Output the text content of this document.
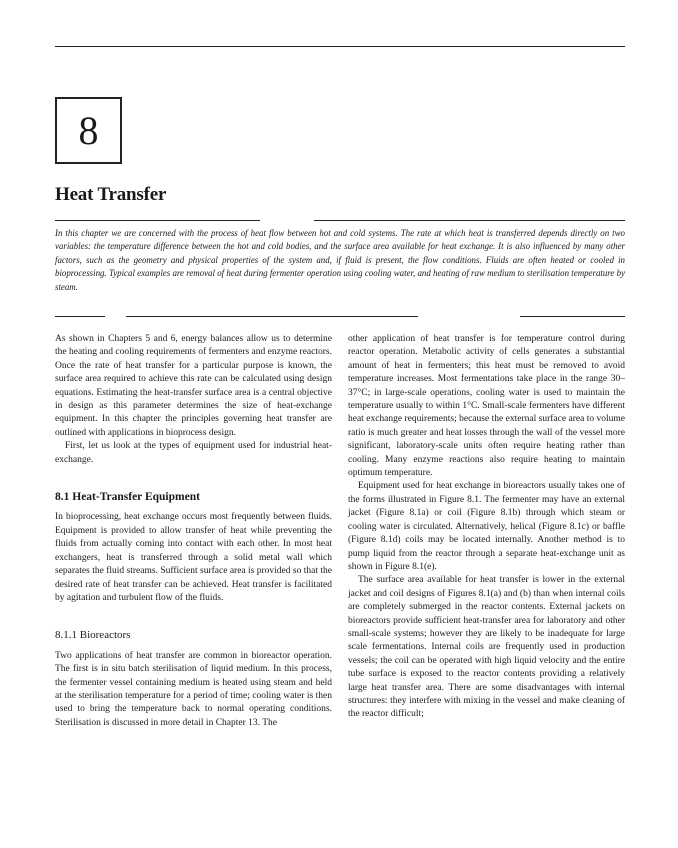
8
Heat Transfer

In this chapter we are concerned with the process of heat flow between hot and cold systems. The rate at which heat is transferred depends directly on two variables: the temperature difference between the hot and cold bodies, and the surface area available for heat exchange. It is also influenced by many other factors, such as the geometry and physical properties of the system and, if fluid is present, the flow conditions. Fluids are often heated or cooled in bioprocessing. Typical examples are removal of heat during fermenter operation using cooling water, and heating of raw medium to sterilisation temperature by steam.

As shown in Chapters 5 and 6, energy balances allow us to determine the heating and cooling requirements of fermenters and enzyme reactors. Once the rate of heat transfer for a particular purpose is known, the surface area required to achieve this rate can be calculated using design equations. Estimating the heat-transfer surface area is a central objective in design as this parameter determines the size of heat-exchange equipment. In this chapter the principles governing heat transfer are outlined with applications in bioprocess design.

First, let us look at the types of equipment used for industrial heat-exchange.

8.1 Heat-Transfer Equipment

In bioprocessing, heat exchange occurs most frequently between fluids. Equipment is provided to allow transfer of heat while preventing the fluids from actually coming into contact with each other. In most heat exchangers, heat is transferred through a solid metal wall which separates the fluid streams. Sufficient surface area is provided so that the desired rate of heat transfer can be achieved. Heat transfer is facilitated by agitation and turbulent flow of the fluids.

8.1.1 Bioreactors

Two applications of heat transfer are common in bioreactor operation. The first is in situ batch sterilisation of liquid medium. In this process, the fermenter vessel containing medium is heated using steam and held at the sterilisation temperature for a period of time; cooling water is then used to bring the temperature back to normal operating conditions. Sterilisation is discussed in more detail in Chapter 13. The

other application of heat transfer is for temperature control during reactor operation. Metabolic activity of cells generates a substantial amount of heat in fermenters; this heat must be removed to avoid temperature increases. Most fermentations take place in the range 30–37°C; in large-scale operations, cooling water is used to maintain the temperature usually to within 1°C. Small-scale fermenters have different heat exchange requirements; because the external surface area to volume ratio is much greater and heat losses through the wall of the vessel more significant, laboratory-scale units often require heating rather than cooling. Many enzyme reactions also require heating to maintain optimum temperature.

Equipment used for heat exchange in bioreactors usually takes one of the forms illustrated in Figure 8.1. The fermenter may have an external jacket (Figure 8.1a) or coil (Figure 8.1b) through which steam or cooling water is circulated. Alternatively, helical (Figure 8.1c) or baffle (Figure 8.1d) coils may be located internally. Another method is to pump liquid from the reactor through a separate heat-exchange unit as shown in Figure 8.1(e).

The surface area available for heat transfer is lower in the external jacket and coil designs of Figures 8.1(a) and (b) than when internal coils are completely submerged in the reactor contents. External jackets on bioreactors provide sufficient heat-transfer area for laboratory and other small-scale systems; however they are likely to be inadequate for large scale fermentations. Internal coils are frequently used in production vessels; the coil can be operated with high liquid velocity and the entire tube surface is exposed to the reactor contents providing a relatively large heat transfer area. There are some disadvantages with internal structures: they interfere with mixing in the vessel and make cleaning of the reactor difficult;
